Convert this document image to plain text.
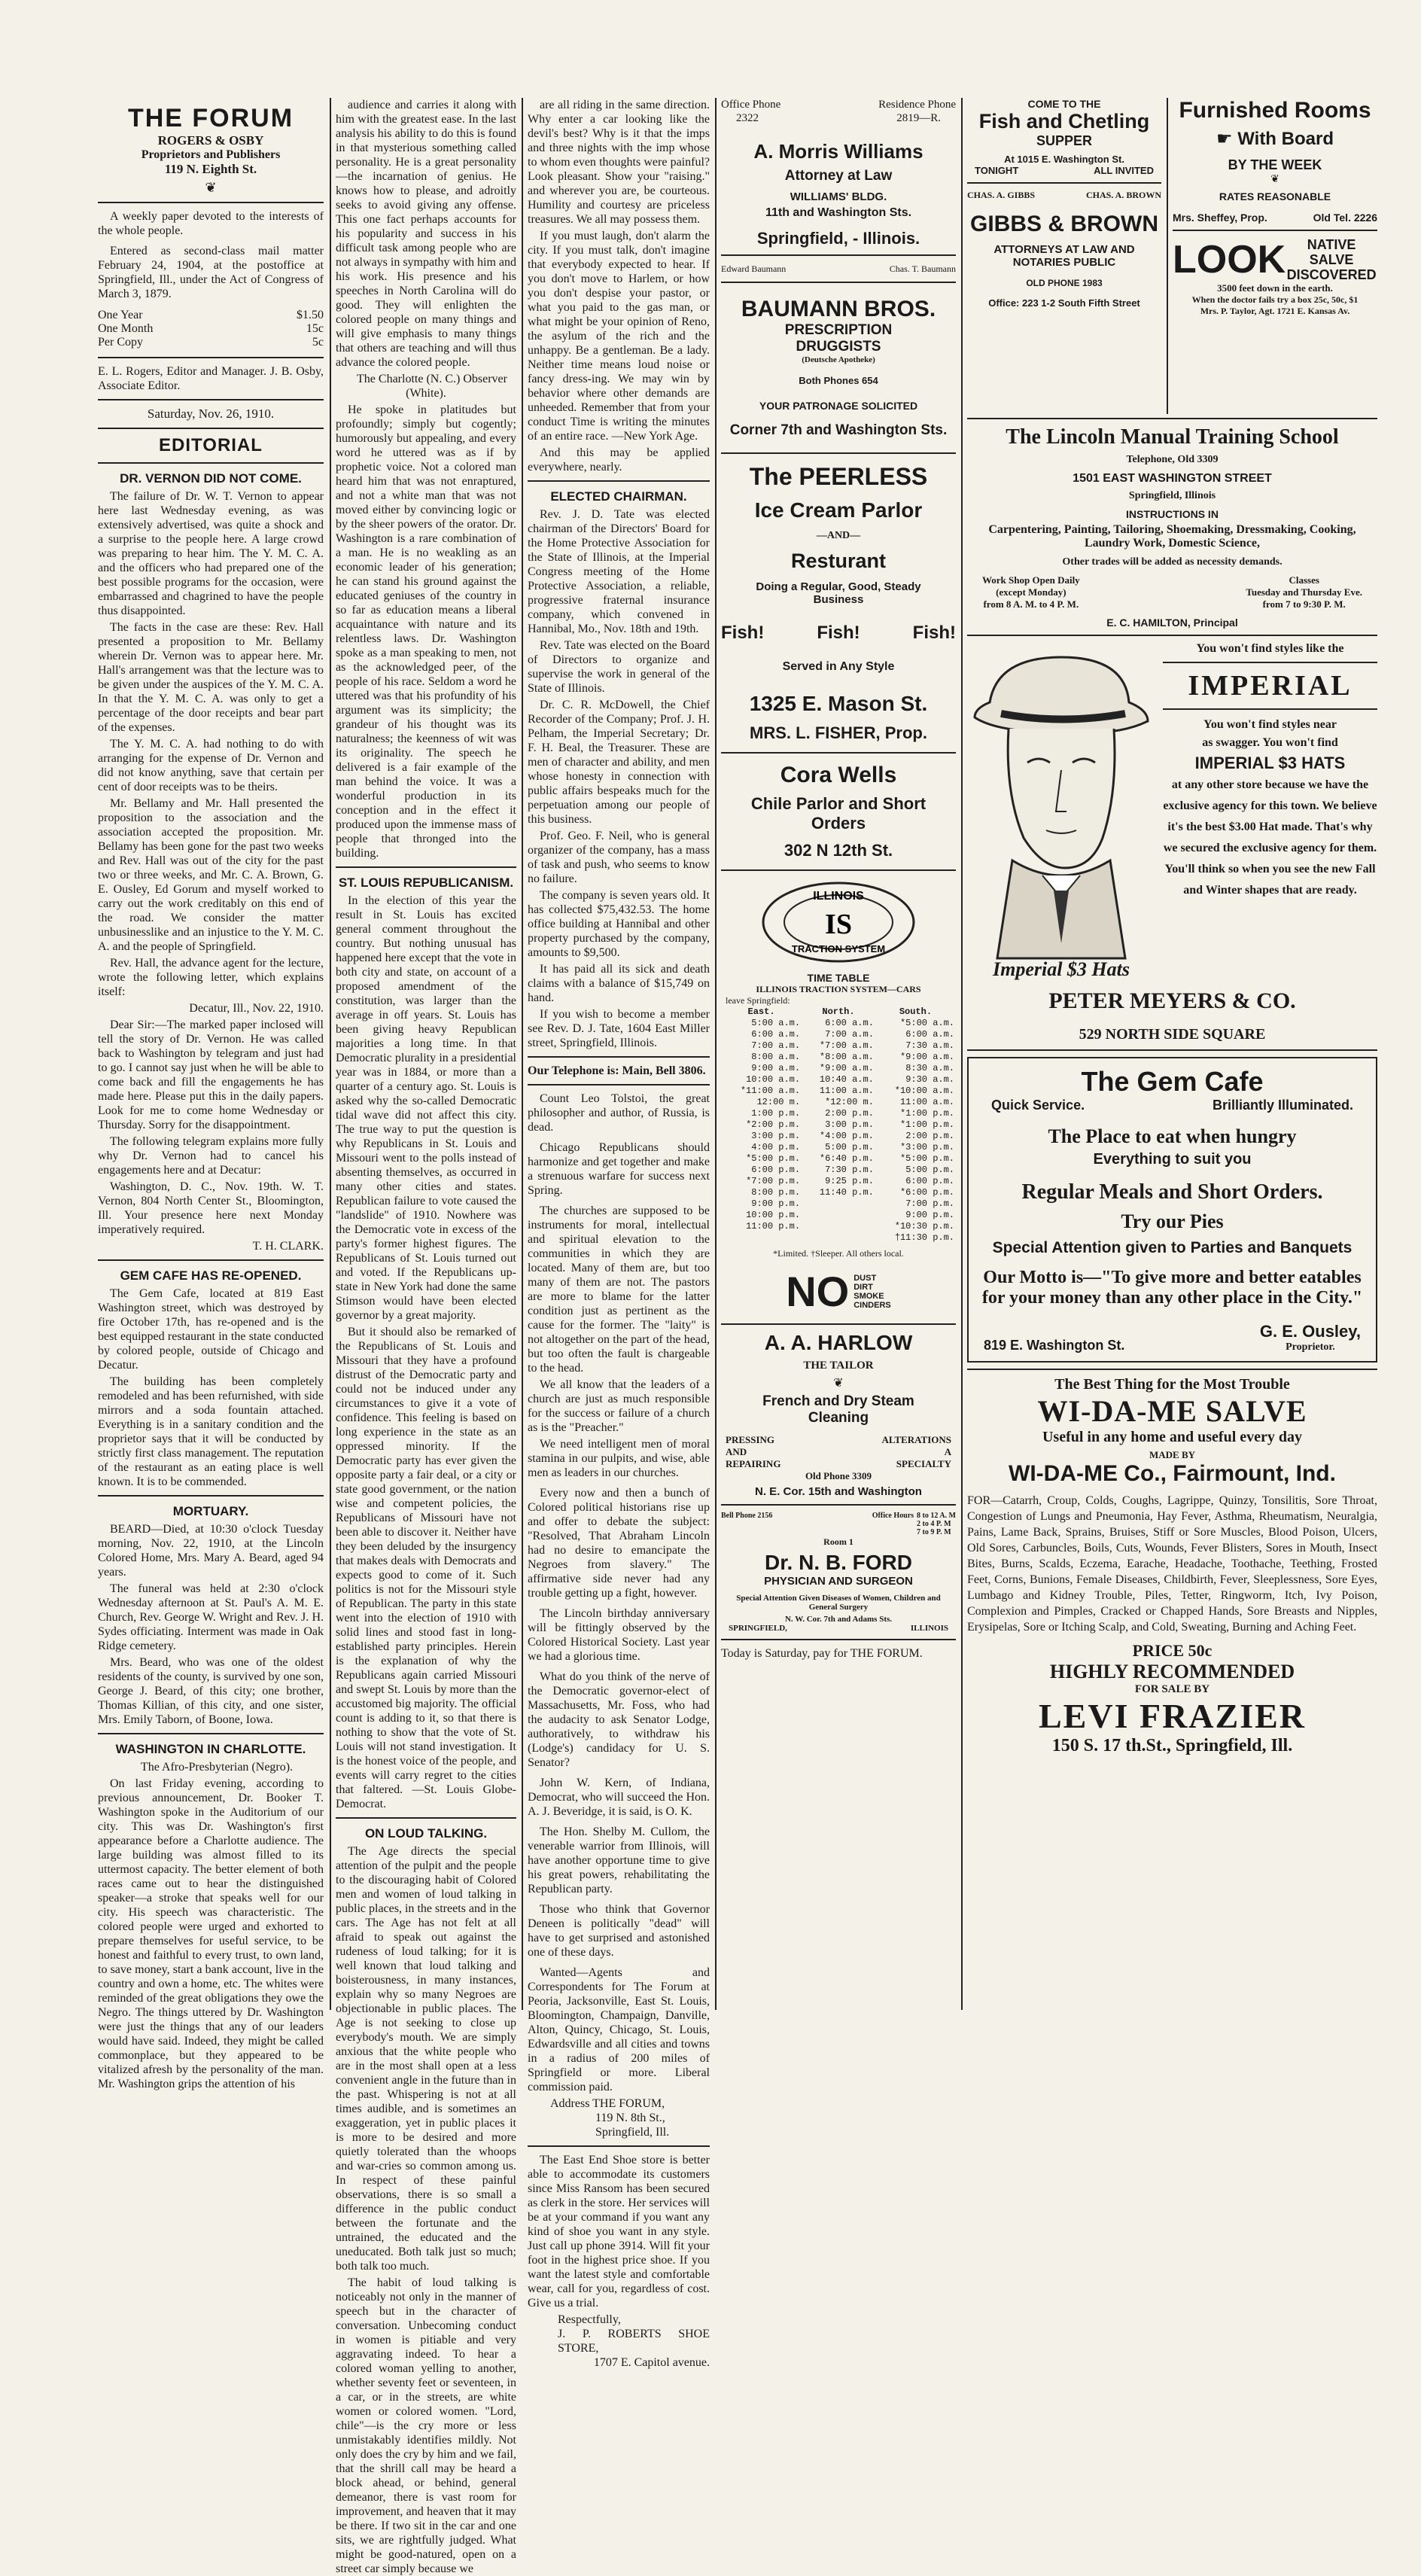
THE FORUM
ROGERS & OSBY
Proprietors and Publishers
119 N. Eighth St.
❦
A weekly paper devoted to the interests of the whole people.
Entered as second-class mail matter February 24, 1904, at the postoffice at Springfield, Ill., under the Act of Congress of March 3, 1879.
One Year	$1.50
One Month	15c
Per Copy	5c
E. L. Rogers, Editor and Manager. J. B. Osby, Associate Editor.
Saturday, Nov. 26, 1910.
EDITORIAL
DR. VERNON DID NOT COME.

The failure of Dr. W. T. Vernon to appear here last Wednesday evening, as was extensively advertised, was quite a shock and a surprise to the people here. A large crowd was preparing to hear him. The Y. M. C. A. and the officers who had prepared one of the best possible programs for the occasion, were embarrassed and chagrined to have the people thus disappointed.

The facts in the case are these: Rev. Hall presented a proposition to Mr. Bellamy wherein Dr. Vernon was to appear here. Mr. Hall's arrangement was that the lecture was to be given under the auspices of the Y. M. C. A. In that the Y. M. C. A. was only to get a percentage of the door receipts and bear part of the expenses.

The Y. M. C. A. had nothing to do with arranging for the expense of Dr. Vernon and did not know anything, save that certain per cent of door receipts was to be theirs.

Mr. Bellamy and Mr. Hall presented the proposition to the association and the association accepted the proposition. Mr. Bellamy has been gone for the past two weeks and Rev. Hall was out of the city for the past two or three weeks, and Mr. C. A. Brown, G. E. Ousley, Ed Gorum and myself worked to carry out the work creditably on this end of the road. We consider the matter unbusinesslike and an injustice to the Y. M. C. A. and the people of Springfield.

Rev. Hall, the advance agent for the lecture, wrote the following letter, which explains itself:

Decatur, Ill., Nov. 22, 1910.

Dear Sir:—The marked paper inclosed will tell the story of Dr. Vernon. He was called back to Washington by telegram and just had to go. I cannot say just when he will be able to come back and fill the engagements he has made here. Please put this in the daily papers. Look for me to come home Wednesday or Thursday. Sorry for the disappointment.

The following telegram explains more fully why Dr. Vernon had to cancel his engagements here and at Decatur:

Washington, D. C., Nov. 19th. W. T. Vernon, 804 North Center St., Bloomington, Ill. Your presence here next Monday imperatively required.

T. H. CLARK.

GEM CAFE HAS RE-OPENED.

The Gem Cafe, located at 819 East Washington street, which was destroyed by fire October 17th, has re-opened and is the best equipped restaurant in the state conducted by colored people, outside of Chicago and Decatur.

The building has been completely remodeled and has been refurnished, with side mirrors and a soda fountain attached. Everything is in a sanitary condition and the proprietor says that it will be conducted by strictly first class management. The reputation of the restaurant as an eating place is well known. It is to be commended.

MORTUARY.

BEARD—Died, at 10:30 o'clock Tuesday morning, Nov. 22, 1910, at the Lincoln Colored Home, Mrs. Mary A. Beard, aged 94 years.

The funeral was held at 2:30 o'clock Wednesday afternoon at St. Paul's A. M. E. Church, Rev. George W. Wright and Rev. J. H. Sydes officiating. Interment was made in Oak Ridge cemetery.

Mrs. Beard, who was one of the oldest residents of the county, is survived by one son, George J. Beard, of this city; one brother, Thomas Killian, of this city, and one sister, Mrs. Emily Taborn, of Boone, Iowa.

WASHINGTON IN CHARLOTTE.

The Afro-Presbyterian (Negro).

On last Friday evening, according to previous announcement, Dr. Booker T. Washington spoke in the Auditorium of our city. This was Dr. Washington's first appearance before a Charlotte audience. The large building was almost filled to its uttermost capacity. The better element of both races came out to hear the distinguished speaker—a stroke that speaks well for our city. His speech was characteristic. The colored people were urged and exhorted to prepare themselves for useful service, to be honest and faithful to every trust, to own land, to save money, start a bank account, live in the country and own a home, etc. The whites were reminded of the great obligations they owe the Negro. The things uttered by Dr. Washington were just the things that any of our leaders would have said. Indeed, they might be called commonplace, but they appeared to be vitalized afresh by the personality of the man. Mr. Washington grips the attention of his

audience and carries it along with him with the greatest ease. In the last analysis his ability to do this is found in that mysterious something called personality. He is a great personality —the incarnation of genius. He knows how to please, and adroitly seeks to avoid giving any offense. This one fact perhaps accounts for his popularity and success in his difficult task among people who are not always in sympathy with him and his work. His presence and his speeches in North Carolina will do good. They will enlighten the colored people on many things and will give emphasis to many things that others are teaching and will thus advance the colored people.

The Charlotte (N. C.) Observer (White).

He spoke in platitudes but profoundly; simply but cogently; humorously but appealing, and every word he uttered was as if by prophetic voice. Not a colored man heard him that was not enraptured, and not a white man that was not moved either by convincing logic or by the sheer powers of the orator. Dr. Washington is a rare combination of a man. He is no weakling as an economic leader of his generation; he can stand his ground against the educated geniuses of the country in so far as education means a liberal acquaintance with nature and its relentless laws. Dr. Washington spoke as a man speaking to men, not as the acknowledged peer, of the people of his race. Seldom a word he uttered was that his profundity of his argument was its simplicity; the grandeur of his thought was its naturalness; the keenness of wit was its originality. The speech he delivered is a fair example of the man behind the voice. It was a wonderful production in its conception and in the effect it produced upon the immense mass of people that thronged into the building.

ST. LOUIS REPUBLICANISM.

In the election of this year the result in St. Louis has excited general comment throughout the country. But nothing unusual has happened here except that the vote in both city and state, on account of a proposed amendment of the constitution, was larger than the average in off years. St. Louis has been giving heavy Republican majorities a long time. In that Democratic plurality in a presidential year was in 1884, or more than a quarter of a century ago. St. Louis is asked why the so-called Democratic tidal wave did not affect this city. The true way to put the question is why Republicans in St. Louis and Missouri went to the polls instead of absenting themselves, as occurred in many other cities and states. Republican failure to vote caused the "landslide" of 1910. Nowhere was the Democratic vote in excess of the party's former highest figures. The Republicans of St. Louis turned out and voted. If the Republicans up-state in New York had done the same Stimson would have been elected governor by a great majority.

But it should also be remarked of the Republicans of St. Louis and Missouri that they have a profound distrust of the Democratic party and could not be induced under any circumstances to give it a vote of confidence. This feeling is based on long experience in the state as an oppressed minority. If the Democratic party has ever given the opposite party a fair deal, or a city or state good government, or the nation wise and competent policies, the Republicans of Missouri have not been able to discover it. Neither have they been deluded by the insurgency that makes deals with Democrats and expects good to come of it. Such politics is not for the Missouri style of Republican. The party in this state went into the election of 1910 with solid lines and stood fast in long-established party principles. Herein is the explanation of why the Republicans again carried Missouri and swept St. Louis by more than the accustomed big majority. The official count is adding to it, so that there is nothing to show that the vote of St. Louis will not stand investigation. It is the honest voice of the people, and events will carry regret to the cities that faltered. —St. Louis Globe-Democrat.

ON LOUD TALKING.

The Age directs the special attention of the pulpit and the people to the discouraging habit of Colored men and women of loud talking in public places, in the streets and in the cars. The Age has not felt at all afraid to speak out against the rudeness of loud talking; for it is well known that loud talking and boisterousness, in many instances, explain why so many Negroes are objectionable in public places. The Age is not seeking to close up everybody's mouth. We are simply anxious that the white people who are in the most shall open at a less convenient angle in the future than in the past. Whispering is not at all times audible, and is sometimes an exaggeration, yet in public places it is more to be desired and more quietly tolerated than the whoops and war-cries so common among us. In respect of these painful observations, there is so small a difference in the public conduct between the fortunate and the untrained, the educated and the uneducated. Both talk just so much; both talk too much.

The habit of loud talking is noticeably not only in the manner of speech but in the character of conversation. Unbecoming conduct in women is pitiable and very aggravating indeed. To hear a colored woman yelling to another, whether seventy feet or seventeen, in a car, or in the streets, are white women or colored women. "Lord, chile"—is the cry more or less unmistakably identifies mildly. Not only does the cry by him and we fail, that the shrill call may be heard a block ahead, or behind, general demeanor, there is vast room for improvement, and heaven that it may be there. If two sit in the car and one sits, we are rightfully judged. What might be good-natured, open on a street car simply because we

are all riding in the same direction. Why enter a car looking like the devil's best? Why is it that the imps and three nights with the imp whose to whom even thoughts were painful? Look pleasant. Show your "raising." and wherever you are, be courteous. Humility and courtesy are priceless treasures. We all may possess them.

If you must laugh, don't alarm the city. If you must talk, don't imagine that everybody expected to hear. If you don't move to Harlem, or how you don't despise your pastor, or what you paid to the gas man, or what might be your opinion of Reno, the asylum of the rich and the unhappy. Be a gentleman. Be a lady. Neither time means loud noise or fancy dress-ing. We may win by behavior where other demands are unheeded. Remember that from your conduct Time is writing the minutes of an entire race. —New York Age.

And this may be applied everywhere, nearly.

ELECTED CHAIRMAN.

Rev. J. D. Tate was elected chairman of the Directors' Board for the Home Protective Association for the State of Illinois, at the Imperial Congress meeting of the Home Protective Association, a reliable, progressive fraternal insurance company, which convened in Hannibal, Mo., Nov. 18th and 19th.

Rev. Tate was elected on the Board of Directors to organize and supervise the work in general of the State of Illinois.

Dr. C. R. McDowell, the Chief Recorder of the Company; Prof. J. H. Pelham, the Imperial Secretary; Dr. F. H. Beal, the Treasurer. These are men of character and ability, and men whose honesty in connection with public affairs bespeaks much for the perpetuation among our people of this business.

Prof. Geo. F. Neil, who is general organizer of the company, has a mass of task and push, who seems to know no failure.

The company is seven years old. It has collected $75,432.53. The home office building at Hannibal and other property purchased by the company, amounts to $9,500.

It has paid all its sick and death claims with a balance of $15,749 on hand.

If you wish to become a member see Rev. D. J. Tate, 1604 East Miller street, Springfield, Illinois.

Our Telephone is: Main, Bell 3806.
Count Leo Tolstoi, the great philosopher and author, of Russia, is dead.
Chicago Republicans should harmonize and get together and make a strenuous warfare for success next Spring.

The churches are supposed to be instruments for moral, intellectual and spiritual elevation to the communities in which they are located. Many of them are, but too many of them are not. The pastors are more to blame for the latter condition just as pertinent as the cause for the former. The "laity" is not altogether on the part of the head, but too often the fault is chargeable to the head.

We all know that the leaders of a church are just as much responsible for the success or failure of a church as is the "Preacher."

We need intelligent men of moral stamina in our pulpits, and wise, able men as leaders in our churches.

Every now and then a bunch of Colored political historians rise up and offer to debate the subject: "Resolved, That Abraham Lincoln had no desire to emancipate the Negroes from slavery." The affirmative side never had any trouble getting up a fight, however.
The Lincoln birthday anniversary will be fittingly observed by the Colored Historical Society. Last year we had a glorious time.
What do you think of the nerve of the Democratic governor-elect of Massachusetts, Mr. Foss, who had the audacity to ask Senator Lodge, authoratively, to withdraw his (Lodge's) candidacy for U. S. Senator?
John W. Kern, of Indiana, Democrat, who will succeed the Hon. A. J. Beveridge, it is said, is O. K.
The Hon. Shelby M. Cullom, the venerable warrior from Illinois, will have another opportune time to give his great powers, rehabilitating the Republican party.
Those who think that Governor Deneen is politically "dead" will have to get surprised and astonished one of these days.
Wanted—Agents and Correspondents for The Forum at Peoria, Jacksonville, East St. Louis, Bloomington, Champaign, Danville, Alton, Quincy, Chicago, St. Louis, Edwardsville and all cities and towns in a radius of 200 miles of Springfield or more. Liberal commission paid.
Address THE FORUM,
119 N. 8th St.,
Springfield, Ill.
The East End Shoe store is better able to accommodate its customers since Miss Ransom has been secured as clerk in the store. Her services will be at your command if you want any kind of shoe you want in any style. Just call up phone 3914. Will fit your foot in the highest price shoe. If you want the latest style and comfortable wear, call for you, regardless of cost. Give us a trial.
Respectfully,
J. P. ROBERTS SHOE STORE,
1707 E. Capitol avenue.
Office Phone	Residence Phone
2322	2819—R.
A. Morris Williams
Attorney at Law
WILLIAMS' BLDG.
11th and Washington Sts.
Springfield, - Illinois.
Edward Baumann	Chas. T. Baumann
BAUMANN BROS.
PRESCRIPTION
DRUGGISTS
(Deutsche Apotheke)
Both Phones 654
YOUR PATRONAGE SOLICITED
Corner 7th and Washington Sts.
The PEERLESS
Ice Cream Parlor
—AND—
Resturant
Doing a Regular, Good, Steady Business
Fish!	Fish!	Fish!
Served in Any Style
1325 E. Mason St.
MRS. L. FISHER, Prop.
Cora Wells
Chile Parlor and Short
Orders
302 N 12th St.
ILLINOIS
TRACTION SYSTEM
IS
TIME TABLE
ILLINOIS TRACTION SYSTEM—CARS
leave Springfield:
East.	North.	South.
5:00 a.m.	6:00 a.m.	*5:00 a.m.
6:00 a.m.	7:00 a.m.	6:00 a.m.
7:00 a.m.	*7:00 a.m.	7:30 a.m.
8:00 a.m.	*8:00 a.m.	*9:00 a.m.
9:00 a.m.	*9:00 a.m.	8:30 a.m.
10:00 a.m.	10:40 a.m.	9:30 a.m.
*11:00 a.m.	11:00 a.m.	*10:00 a.m.
12:00 m.	*12:00 m.	11:00 a.m.
1:00 p.m.	2:00 p.m.	*1:00 p.m.
*2:00 p.m.	3:00 p.m.	*1:00 p.m.
3:00 p.m.	*4:00 p.m.	2:00 p.m.
4:00 p.m.	5:00 p.m.	*3:00 p.m.
*5:00 p.m.	*6:40 p.m.	*5:00 p.m.
6:00 p.m.	7:30 p.m.	5:00 p.m.
*7:00 p.m.	9:25 p.m.	6:00 p.m.
8:00 p.m.	11:40 p.m.	*6:00 p.m.
9:00 p.m.		7:00 p.m.
10:00 p.m.		9:00 p.m.
11:00 p.m.		*10:30 p.m.
		†11:30 p.m.
*Limited. †Sleeper. All others local.
NO DUST
DIRT
SMOKE
CINDERS
A. A. HARLOW
THE TAILOR
❦
French and Dry Steam
Cleaning
PRESSING
AND
REPAIRING
ALTERATIONS
A
SPECIALTY
Old Phone 3309
N. E. Cor. 15th and Washington
Bell Phone 2156	Office Hours 8 to 12 A. M
2 to 4 P. M
7 to 9 P. M
Room 1
Dr. N. B. FORD
PHYSICIAN AND SURGEON
Special Attention Given Diseases of Women, Children and General Surgery
N. W. Cor. 7th and Adams Sts.
SPRINGFIELD,	ILLINOIS
Today is Saturday, pay for THE FORUM.
COME TO THE
Fish and Chetling
SUPPER
At 1015 E. Washington St.
TONIGHT	ALL INVITED
CHAS. A. GIBBS	CHAS. A. BROWN
GIBBS & BROWN
ATTORNEYS AT LAW AND NOTARIES PUBLIC
OLD PHONE 1983
Office: 223 1-2 South Fifth Street
Furnished Rooms
☛ With Board
BY THE WEEK
❦
RATES REASONABLE
Mrs. Sheffey, Prop.	Old Tel. 2226
LOOK	NATIVE
SALVE
DISCOVERED
3500 feet down in the earth.
When the doctor fails try a box 25c, 50c, $1
Mrs. P. Taylor, Agt. 1721 E. Kansas Av.
The Lincoln Manual Training School
Telephone, Old 3309
1501 EAST WASHINGTON STREET
Springfield, Illinois
INSTRUCTIONS IN
Carpentering, Painting, Tailoring, Shoemaking, Dressmaking, Cooking, Laundry Work, Domestic Science,
Other trades will be added as necessity demands.
Work Shop Open Daily
(except Monday)
from 8 A. M. to 4 P. M.
Classes
Tuesday and Thursday Eve.
from 7 to 9:30 P. M.
E. C. HAMILTON, Principal
Imperial $3 Hats
You won't find styles like the
IMPERIAL
You won't find styles near
as swagger. You won't find
IMPERIAL $3 HATS
at any other store because we have the exclusive agency for this town. We believe it's the best $3.00 Hat made. That's why we secured the exclusive agency for them. You'll think so when you see the new Fall and Winter shapes that are ready.
PETER MEYERS & CO.
529 NORTH SIDE SQUARE
The Gem Cafe
Quick Service.	Brilliantly Illuminated.
The Place to eat when hungry
Everything to suit you
Regular Meals and Short Orders.
Try our Pies
Special Attention given to Parties and Banquets
Our Motto is—"To give more and better eatables for your money than any other place in the City."
819 E. Washington St.
G. E. Ousley,
Proprietor.
The Best Thing for the Most Trouble
WI-DA-ME SALVE
Useful in any home and useful every day
MADE BY
WI-DA-ME Co., Fairmount, Ind.
FOR—Catarrh, Croup, Colds, Coughs, Lagrippe, Quinzy, Tonsilitis, Sore Throat, Congestion of Lungs and Pneumonia, Hay Fever, Asthma, Rheumatism, Neuralgia, Pains, Lame Back, Sprains, Bruises, Stiff or Sore Muscles, Blood Poison, Ulcers, Old Sores, Carbuncles, Boils, Cuts, Wounds, Fever Blisters, Sores in Mouth, Insect Bites, Burns, Scalds, Eczema, Earache, Headache, Toothache, Teething, Frosted Feet, Corns, Bunions, Female Diseases, Childbirth, Fever, Sleeplessness, Sore Eyes, Lumbago and Kidney Trouble, Piles, Tetter, Ringworm, Itch, Ivy Poison, Complexion and Pimples, Cracked or Chapped Hands, Sore Breasts and Nipples, Erysipelas, Sore or Itching Scalp, and Cold, Sweating, Burning and Aching Feet.
PRICE 50c
HIGHLY RECOMMENDED
FOR SALE BY
LEVI FRAZIER
150 S. 17 th.St., Springfield, Ill.
